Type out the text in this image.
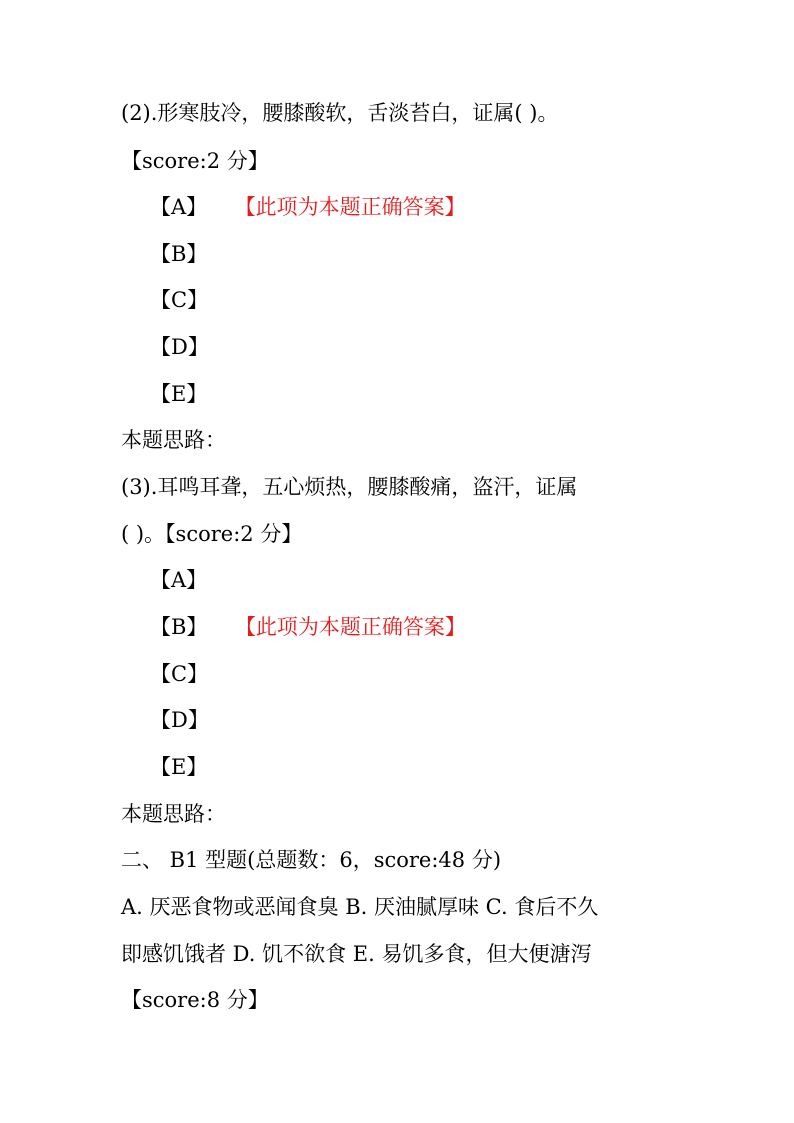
(2).形寒肢冷，腰膝酸软，舌淡苔白，证属( )。
【score:2 分】
【A】 【此项为本题正确答案】
【B】
【C】
【D】
【E】
本题思路：
(3).耳鸣耳聋，五心烦热，腰膝酸痛，盗汗，证属
( )。【score:2 分】
【A】
【B】 【此项为本题正确答案】
【C】
【D】
【E】
本题思路：
二、 B1 型题(总题数：6，score:48 分)
A. 厌恶食物或恶闻食臭 B. 厌油腻厚味 C. 食后不久
即感饥饿者 D. 饥不欲食 E. 易饥多食，但大便溏泻
【score:8 分】
